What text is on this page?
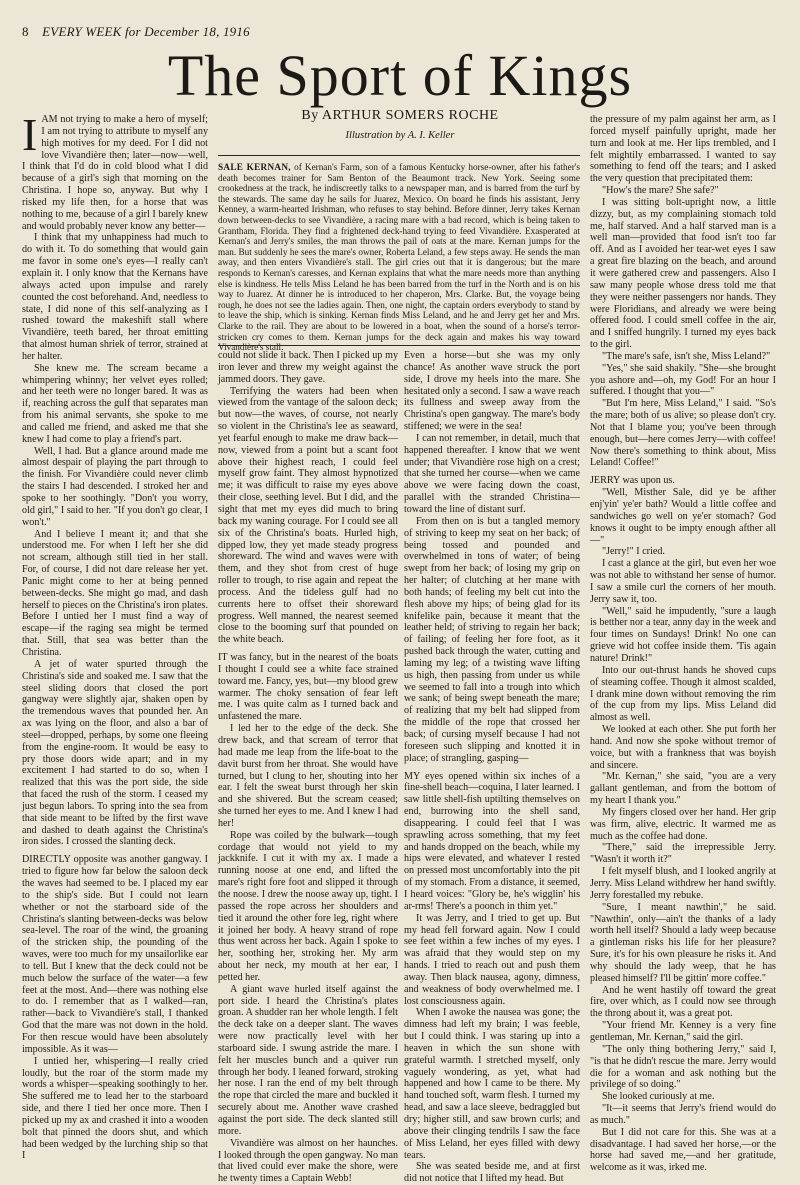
8 EVERY WEEK for December 18, 1916
The Sport of Kings
By ARTHUR SOMERS ROCHE
Illustration by A. I. Keller
SALE KERNAN, of Kernan's Farm, son of a famous Kentucky horse-owner, after his father's death becomes trainer for Sam Benton of the Beaumont track. New York. Seeing some crookedness at the track, he indiscreetly talks to a newspaper man, and is barred from the turf by the stewards. The same day he sails for Juarez, Mexico. On board he finds his assistant, Jerry Kenney, a warm-hearted Irishman, who refuses to stay behind. Before dinner, Jerry takes Kernan down between-decks to see Vivandière, a racing mare with a bad record, which is being taken to Grantham, Florida. They find a frightened deck-hand trying to feed Vivandière. Exasperated at Kernan's and Jerry's smiles, the man throws the pail of oats at the mare. Kernan jumps for the man. But suddenly he sees the mare's owner, Roberta Leland, a few steps away. He sends the man away, and then enters Vivandière's stall. The girl cries out that it is dangerous; but the mare responds to Kernan's caresses, and Kernan explains that what the mare needs more than anything else is kindness. He tells Miss Leland he has been barred from the turf in the North and is on his way to Juarez. At dinner he is introduced to her chaperon, Mrs. Clarke. But, the voyage being rough, he does not see the ladies again. Then, one night, the captain orders everybody to stand by to leave the ship, which is sinking. Kernan finds Miss Leland, and he and Jerry get her and Mrs. Clarke to the rail. They are about to be lowered in a boat, when the sound of a horse's terror-stricken cry comes to them. Kernan jumps for the deck again and makes his way toward Vivandière's stall.

IAM not trying to make a hero of myself; I am not trying to attribute to myself any high motives for my deed. For I did not love Vivandière then; later—now—well, I think that I'd do in cold blood what I did because of a girl's sigh that morning on the Christina. I hope so, anyway. But why I risked my life then, for a horse that was nothing to me, because of a girl I barely knew and would probably never know any better—

I think that my unhappiness had much to do with it. To do something that would gain me favor in some one's eyes—I really can't explain it. I only know that the Kernans have always acted upon impulse and rarely counted the cost beforehand. And, needless to state, I did none of this self-analyzing as I rushed toward the makeshift stall where Vivandière, teeth bared, her throat emitting that almost human shriek of terror, strained at her halter.

She knew me. The scream became a whimpering whinny; her velvet eyes rolled; and her teeth were no longer bared. It was as if, reaching across the gulf that separates man from his animal servants, she spoke to me and called me friend, and asked me that she knew I had come to play a friend's part.

Well, I had. But a glance around made me almost despair of playing the part through to the finish. For Vivandière could never climb the stairs I had descended. I stroked her and spoke to her soothingly. "Don't you worry, old girl," I said to her. "If you don't go clear, I won't."

And I believe I meant it; and that she understood me. For when I left her she did not scream, although still tied in her stall. For, of course, I did not dare release her yet. Panic might come to her at being penned between-decks. She might go mad, and dash herself to pieces on the Christina's iron plates. Before I untied her I must find a way of escape—if the raging sea might be termed that. Still, that sea was better than the Christina.

A jet of water spurted through the Christina's side and soaked me. I saw that the steel sliding doors that closed the port gangway were slightly ajar, shaken open by the tremendous waves that pounded her. An ax was lying on the floor, and also a bar of steel—dropped, perhaps, by some one fleeing from the engine-room. It would be easy to pry those doors wide apart; and in my excitement I had started to do so, when I realized that this was the port side, the side that faced the rush of the storm. I ceased my just begun labors. To spring into the sea from that side meant to be lifted by the first wave and dashed to death against the Christina's iron sides. I crossed the slanting deck.

DIRECTLY opposite was another gangway. I tried to figure how far below the saloon deck the waves had seemed to be. I placed my ear to the ship's side. But I could not learn whether or not the starboard side of the Christina's slanting between-decks was below sea-level. The roar of the wind, the groaning of the stricken ship, the pounding of the waves, were too much for my unsailorlike ear to tell. But I knew that the deck could not be much below the surface of the water—a few feet at the most. And—there was nothing else to do. I remember that as I walked—ran, rather—back to Vivandière's stall, I thanked God that the mare was not down in the hold. For then rescue would have been absolutely impossible. As it was—

I untied her, whispering—I really cried loudly, but the roar of the storm made my words a whisper—speaking soothingly to her. She suffered me to lead her to the starboard side, and there I tied her once more. Then I picked up my ax and crashed it into a wooden bolt that pinned the doors shut, and which had been wedged by the lurching ship so that I

could not slide it back. Then I picked up my iron lever and threw my weight against the jammed doors. They gave.

Terrifying the waters had been when viewed from the vantage of the saloon deck; but now—the waves, of course, not nearly so violent in the Christina's lee as seaward, yet fearful enough to make me draw back—now, viewed from a point but a scant foot above their highest reach, I could feel myself grow faint. They almost hypnotized me; it was difficult to raise my eyes above their close, seething level. But I did, and the sight that met my eyes did much to bring back my waning courage. For I could see all six of the Christina's boats. Hurled high, dipped low, they yet made steady progress shoreward. The wind and waves were with them, and they shot from crest of huge roller to trough, to rise again and repeat the process. And the tideless gulf had no currents here to offset their shoreward progress. Well manned, the nearest seemed close to the booming surf that pounded on the white beach.

IT was fancy, but in the nearest of the boats I thought I could see a white face strained toward me. Fancy, yes, but—my blood grew warmer. The choky sensation of fear left me. I was quite calm as I turned back and unfastened the mare.

I led her to the edge of the deck. She drew back, and that scream of terror that had made me leap from the life-boat to the davit burst from her throat. She would have turned, but I clung to her, shouting into her ear. I felt the sweat burst through her skin and she shivered. But the scream ceased; she turned her eyes to me. And I knew I had her!

Rope was coiled by the bulwark—tough cordage that would not yield to my jackknife. I cut it with my ax. I made a running noose at one end, and lifted the mare's right fore foot and slipped it through the noose. I drew the noose away up, tight. I passed the rope across her shoulders and tied it around the other fore leg, right where it joined her body. A heavy strand of rope thus went across her back. Again I spoke to her, soothing her, stroking her. My arm about her neck, my mouth at her ear, I petted her.

A giant wave hurled itself against the port side. I heard the Christina's plates groan. A shudder ran her whole length. I felt the deck take on a deeper slant. The waves were now practically level with her starboard side. I swung astride the mare. I felt her muscles bunch and a quiver run through her body. I leaned forward, stroking her nose. I ran the end of my belt through the rope that circled the mare and buckled it securely about me. Another wave crashed against the port side. The deck slanted still more.

Vivandière was almost on her haunches. I looked through the open gangway. No man that lived could ever make the shore, were he twenty times a Captain Webb!

Even a horse—but she was my only chance! As another wave struck the port side, I drove my heels into the mare. She hesitated only a second. I saw a wave reach its fullness and sweep away from the Christina's open gangway. The mare's body stiffened; we were in the sea!

I can not remember, in detail, much that happened thereafter. I know that we went under; that Vivandière rose high on a crest; that she turned her course—when we came above we were facing down the coast, parallel with the stranded Christina—toward the line of distant surf.

From then on is but a tangled memory of striving to keep my seat on her back; of being tossed and pounded and overwhelmed in tons of water; of being swept from her back; of losing my grip on her halter; of clutching at her mane with both hands; of feeling my belt cut into the flesh above my hips; of being glad for its knifelike pain, because it meant that the leather held; of striving to regain her back; of failing; of feeling her fore foot, as it pushed back through the water, cutting and laming my leg; of a twisting wave lifting us high, then passing from under us while we seemed to fall into a trough into which we sank; of being swept beneath the mare; of realizing that my belt had slipped from the middle of the rope that crossed her back; of cursing myself because I had not foreseen such slipping and knotted it in place; of strangling, gasping—

MY eyes opened within six inches of a fine-shell beach—coquina, I later learned. I saw little shell-fish uptilting themselves on end, burrowing into the shell sand, disappearing. I could feel that I was sprawling across something, that my feet and hands dropped on the beach, while my hips were elevated, and whatever I rested on pressed most uncomfortably into the pit of my stomach. From a distance, it seemed, I heard voices: "Glory be, he's wigglin' his ar-rms! There's a poonch in thim yet."

It was Jerry, and I tried to get up. But my head fell forward again. Now I could see feet within a few inches of my eyes. I was afraid that they would step on my hands. I tried to reach out and push them away. Then black nausea, agony, dimness, and weakness of body overwhelmed me. I lost consciousness again.

When I awoke the nausea was gone; the dimness had left my brain; I was feeble, but I could think. I was staring up into a heaven in which the sun shone with grateful warmth. I stretched myself, only vaguely wondering, as yet, what had happened and how I came to be there. My hand touched soft, warm flesh. I turned my head, and saw a lace sleeve, bedraggled but dry; higher still, and saw brown curls; and above their clinging tendrils I saw the face of Miss Leland, her eyes filled with dewy tears.

She was seated beside me, and at first did not notice that I lifted my head. But

the pressure of my palm against her arm, as I forced myself painfully upright, made her turn and look at me. Her lips trembled, and I felt mightily embarrassed. I wanted to say something to fend off the tears; and I asked the very question that precipitated them:

"How's the mare? She safe?"

I was sitting bolt-upright now, a little dizzy, but, as my complaining stomach told me, half starved. And a half starved man is a well man—provided that food isn't too far off. And as I avoided her tear-wet eyes I saw a great fire blazing on the beach, and around it were gathered crew and passengers. Also I saw many people whose dress told me that they were neither passengers nor hands. They were Floridians, and already we were being offered food. I could smell coffee in the air, and I sniffed hungrily. I turned my eyes back to the girl.

"The mare's safe, isn't she, Miss Leland?"

"Yes," she said shakily. "She—she brought you ashore and—oh, my God! For an hour I suffered. I thought that you—"

"But I'm here, Miss Leland," I said. "So's the mare; both of us alive; so please don't cry. Not that I blame you; you've been through enough, but—here comes Jerry—with coffee! Now there's something to think about, Miss Leland! Coffee!"

JERRY was upon us.

"Well, Misther Sale, did ye be afther enj'yin' ye'er bath? Would a little coffee and sandwiches go well on ye'er stomach? God knows it ought to be impty enough afther all—"

"Jerry!" I cried.

I cast a glance at the girl, but even her woe was not able to withstand her sense of humor. I saw a smile curl the corners of her mouth. Jerry saw it, too.

"Well," said he impudently, "sure a laugh is betther nor a tear, anny day in the week and four times on Sundays! Drink! No one can grieve wid hot coffee inside them. 'Tis again nature! Drink!"

Into our out-thrust hands he shoved cups of steaming coffee. Though it almost scalded, I drank mine down without removing the rim of the cup from my lips. Miss Leland did almost as well.

We looked at each other. She put forth her hand. And now she spoke without tremor of voice, but with a frankness that was boyish and sincere.

"Mr. Kernan," she said, "you are a very gallant gentleman, and from the bottom of my heart I thank you."

My fingers closed over her hand. Her grip was firm, alive, electric. It warmed me as much as the coffee had done.

"There," said the irrepressible Jerry. "Wasn't it worth it?"

I felt myself blush, and I looked angrily at Jerry. Miss Leland withdrew her hand swiftly. Jerry forestalled my rebuke.

"Sure, I meant nawthin'," he said. "Nawthin', only—ain't the thanks of a lady worth hell itself? Should a lady weep because a gintleman risks his life for her pleasure? Sure, it's for his own pleasure he risks it. And why should the lady weep, that he has pleased himself? I'll be gittin' more coffee."

And he went hastily off toward the great fire, over which, as I could now see through the throng about it, was a great pot.

"Your friend Mr. Kenney is a very fine gentleman, Mr. Kernan," said the girl.

"The only thing bothering Jerry," said I, "is that he didn't rescue the mare. Jerry would die for a woman and ask nothing but the privilege of so doing."

She looked curiously at me.

"It—it seems that Jerry's friend would do as much."

But I did not care for this. She was at a disadvantage. I had saved her horse,—or the horse had saved me,—and her gratitude, welcome as it was, irked me.
